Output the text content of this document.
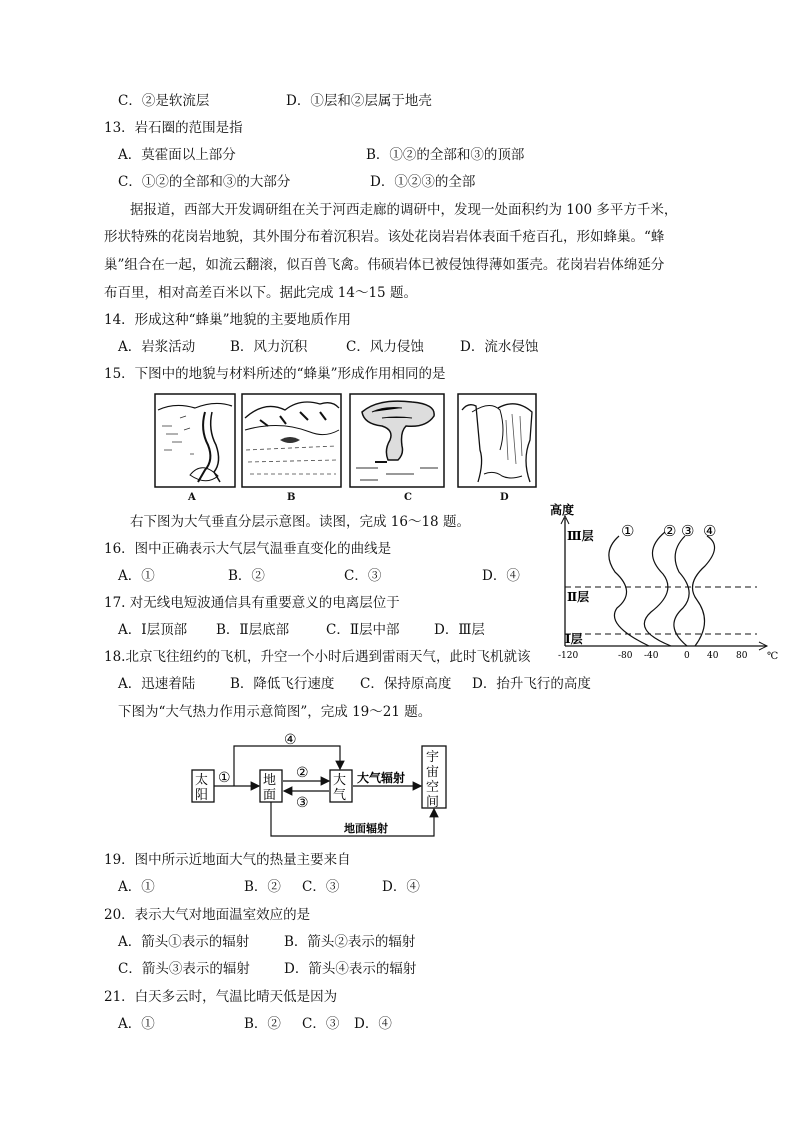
C．②是软流层	D．①层和②层属于地壳
13．岩石圈的范围是指
A．莫霍面以上部分	B．①②的全部和③的顶部
C．①②的全部和③的大部分	D．①②③的全部
据报道，西部大开发调研组在关于河西走廊的调研中，发现一处面积约为 100 多平方千米，
形状特殊的花岗岩地貌，其外围分布着沉积岩。该处花岗岩岩体表面千疮百孔，形如蜂巢。“蜂
巢”组合在一起，如流云翻滚，似百兽飞禽。伟硕岩体已被侵蚀得薄如蛋壳。花岗岩岩体绵延分
布百里，相对高差百米以下。据此完成 14～15 题。
14．形成这种“蜂巢”地貌的主要地质作用
A．岩浆活动	B．风力沉积	C．风力侵蚀	D．流水侵蚀
15．下图中的地貌与材料所述的“蜂巢”形成作用相同的是
A	B	C	D
右下图为大气垂直分层示意图。读图，完成 16～18 题。
16．图中正确表示大气层气温垂直变化的曲线是
A．①	B．②	C．③	D．④
17. 对无线电短波通信具有重要意义的电离层位于
A．Ⅰ层顶部 B．Ⅱ层底部	C．Ⅱ层中部	D．Ⅲ层
18.北京飞往纽约的飞机，升空一个小时后遇到雷雨天气，此时飞机就该
A．迅速着陆	B．降低飞行速度 C．保持原高度 D．抬升飞行的高度
高度
Ⅲ层
Ⅱ层
Ⅰ层
① ② ③ ④
-120	-80 -40	0 40 80 ℃
下图为“大气热力作用示意简图”，完成 19～21 题。
太
阳
地
面
大
气
宇
宙
空
间
①
④
②
③
大气辐射
地面辐射
19．图中所示近地面大气的热量主要来自
A．①	B．② C．③	D．④
20．表示大气对地面温室效应的是
A．箭头①表示的辐射	B．箭头②表示的辐射
C．箭头③表示的辐射	D．箭头④表示的辐射
21．白天多云时，气温比晴天低是因为
A．①	B．② C．③ D．④
